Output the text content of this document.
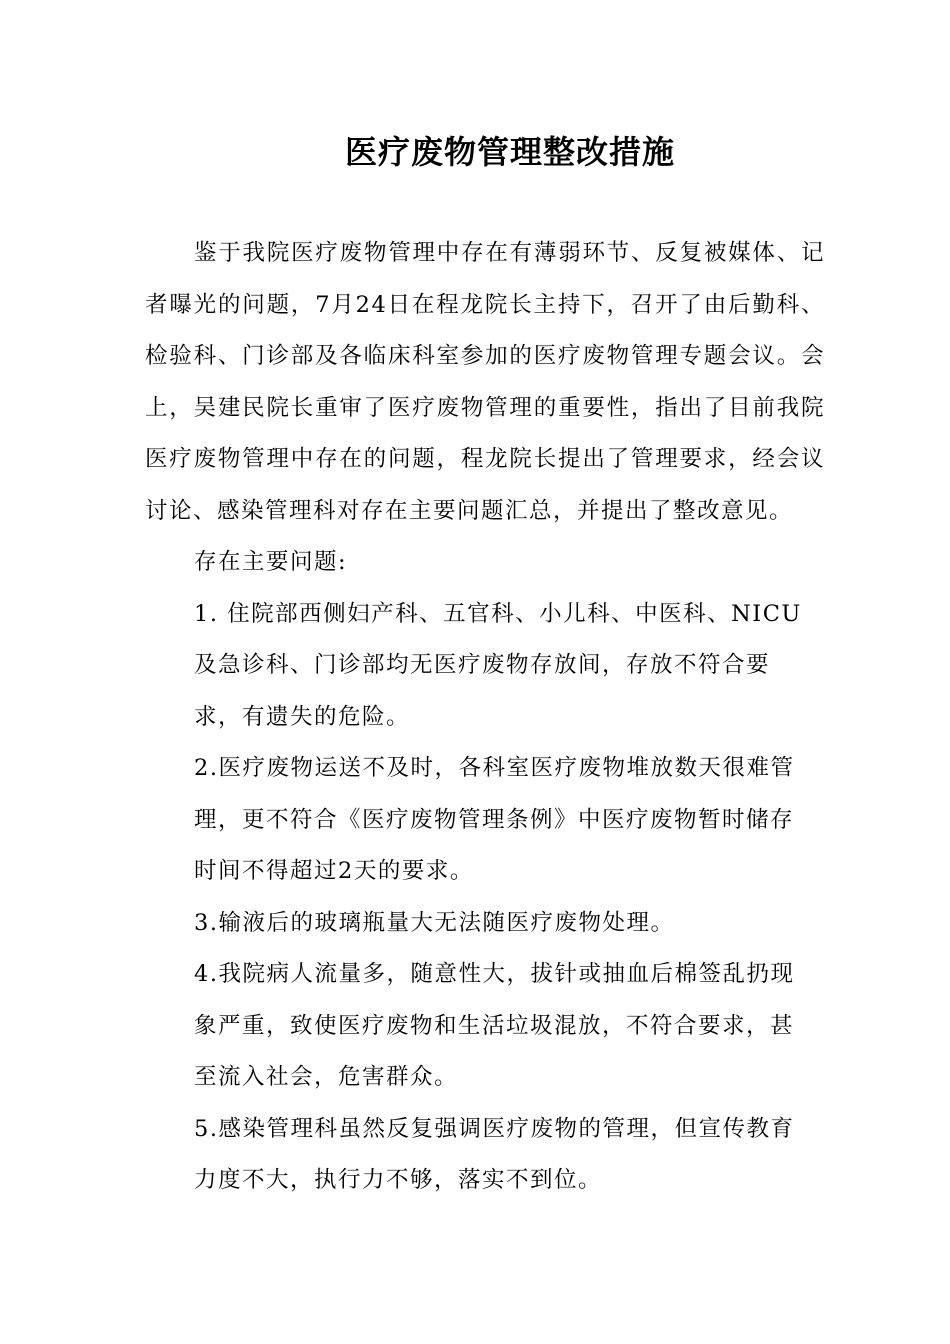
医疗废物管理整改措施

鉴于我院医疗废物管理中存在有薄弱环节、反复被媒体、记者曝光的问题，7月24日在程龙院长主持下，召开了由后勤科、检验科、门诊部及各临床科室参加的医疗废物管理专题会议。会上，吴建民院长重审了医疗废物管理的重要性，指出了目前我院医疗废物管理中存在的问题，程龙院长提出了管理要求，经会议讨论、感染管理科对存在主要问题汇总，并提出了整改意见。

存在主要问题:

1. 住院部西侧妇产科、五官科、小儿科、中医科、NICU及急诊科、门诊部均无医疗废物存放间，存放不符合要求，有遗失的危险。

2.医疗废物运送不及时，各科室医疗废物堆放数天很难管理，更不符合《医疗废物管理条例》中医疗废物暂时储存时间不得超过2天的要求。

3.输液后的玻璃瓶量大无法随医疗废物处理。

4.我院病人流量多，随意性大，拔针或抽血后棉签乱扔现象严重，致使医疗废物和生活垃圾混放，不符合要求，甚至流入社会，危害群众。

5.感染管理科虽然反复强调医疗废物的管理，但宣传教育力度不大，执行力不够，落实不到位。
